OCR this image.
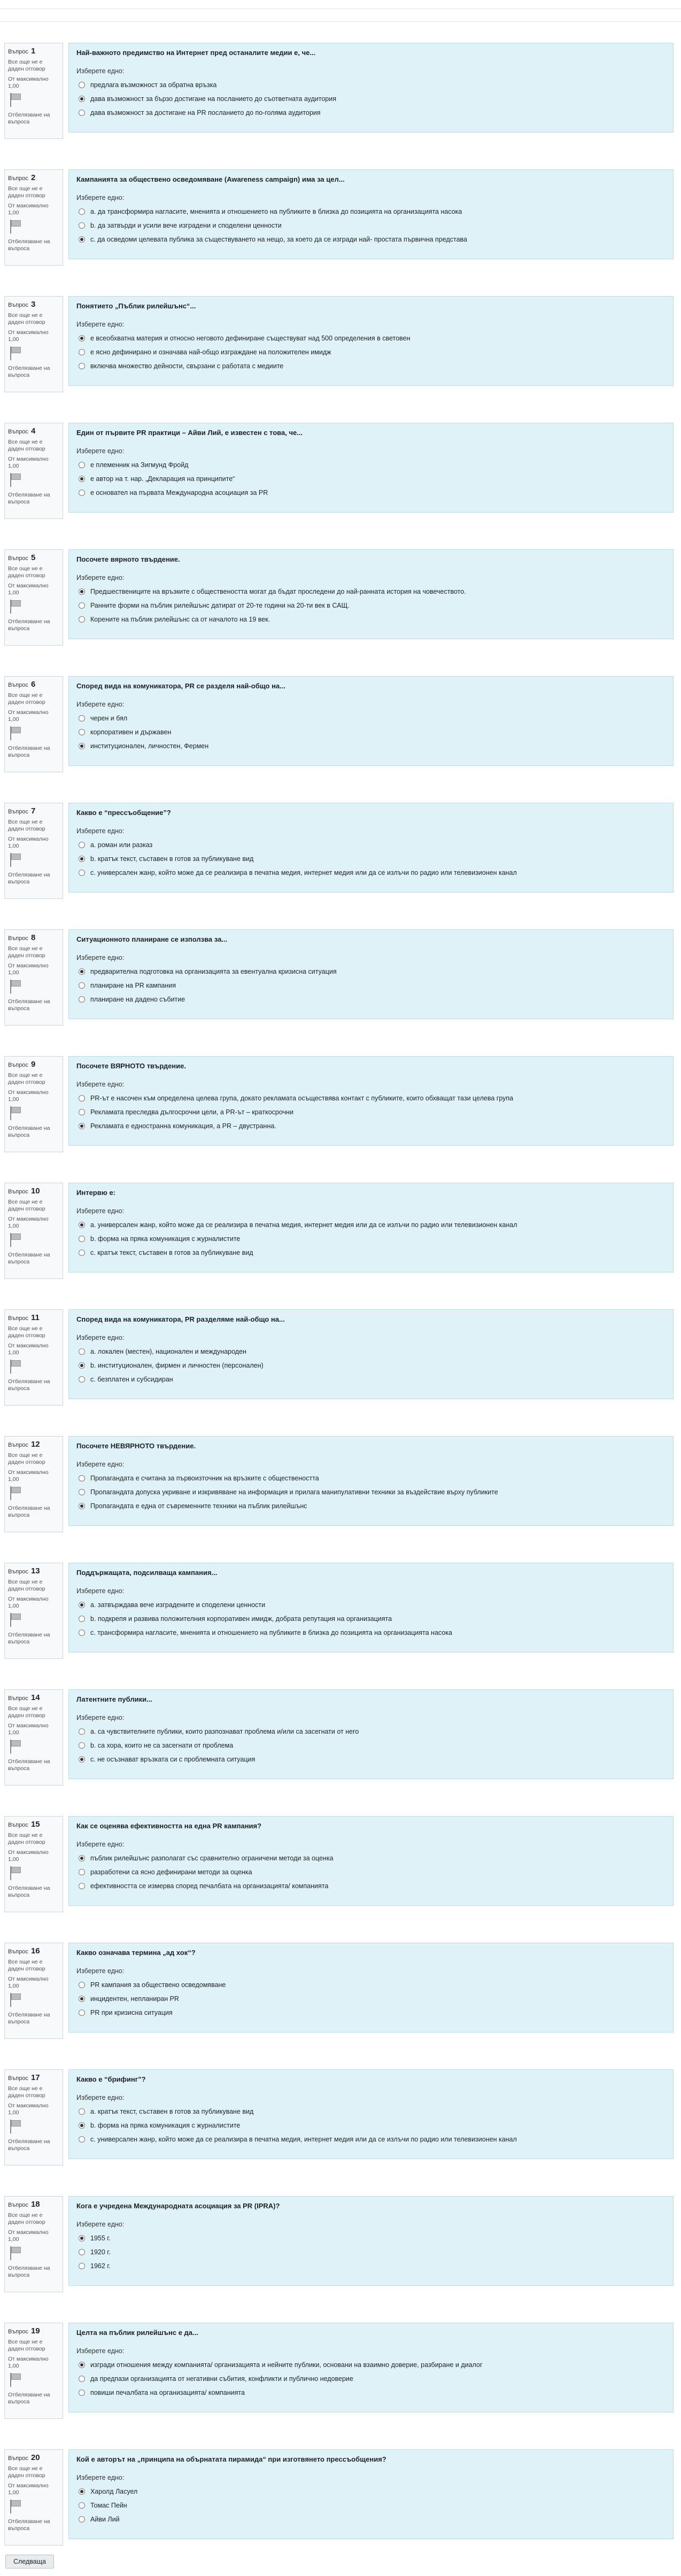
Въпрос 1
Все още не е даден отговор
От максимално 1,00
Отбелязване на въпроса
Най-важното предимство на Интернет пред останалите медии е, че...
Изберете едно:
предлага възможност за обратна връзка
дава възможност за бързо достигане на посланието до съответната аудитория
дава възможност за достигане на PR посланието до по-голяма аудитория
Въпрос 2
Все още не е даден отговор
От максимално 1,00
Отбелязване на въпроса
Кампанията за обществено осведомяване (Awareness campaign) има за цел...
Изберете едно:
a. да трансформира нагласите, мненията и отношението на публиките в близка до позицията на организацията насока
b. да затвърди и усили вече изградени и споделени ценности
c. да осведоми целевата публика за съществуването на нещо, за което да се изгради най- простата първична представа
Въпрос 3
Все още не е даден отговор
От максимално 1,00
Отбелязване на въпроса
Понятието „Пъблик рилейшънс“...
Изберете едно:
е всеобхватна материя и относно неговото дефиниране съществуват над 500 определения в световен
е ясно дефинирано и означава най-общо изграждане на положителен имидж
включва множество дейности, свързани с работата с медиите
Въпрос 4
Все още не е даден отговор
От максимално 1,00
Отбелязване на въпроса
Един от първите PR практици – Айви Лий, е известен с това, че...
Изберете едно:
е племенник на Зигмунд Фройд
е автор на т. нар. „Декларация на принципите“
е основател на първата Международна асоциация за PR
Въпрос 5
Все още не е даден отговор
От максимално 1,00
Отбелязване на въпроса
Посочете вярното твърдение.
Изберете едно:
Предшествениците на връзките с обществеността могат да бъдат проследени до най-ранната история на човечеството.
Ранните форми на пъблик рилейшънс датират от 20-те години на 20-ти век в САЩ.
Корените на пъблик рилейшънс са от началото на 19 век.
Въпрос 6
Все още не е даден отговор
От максимално 1,00
Отбелязване на въпроса
Според вида на комуникатора, PR се разделя най-общо на...
Изберете едно:
черен и бял
корпоративен и държавен
институционален, личностен, Фермен
Въпрос 7
Все още не е даден отговор
От максимално 1,00
Отбелязване на въпроса
Какво е “прессъобщение”?
Изберете едно:
a. роман или разказ
b. кратък текст, съставен в готов за публикуване вид
c. универсален жанр, който може да се реализира в печатна медия, интернет медия или да се излъчи по радио или телевизионен канал
Въпрос 8
Все още не е даден отговор
От максимално 1,00
Отбелязване на въпроса
Ситуационното планиране се използва за...
Изберете едно:
предварителна подготовка на организацията за евентуална кризисна ситуация
планиране на PR кампания
планиране на дадено събитие
Въпрос 9
Все още не е даден отговор
От максимално 1,00
Отбелязване на въпроса
Посочете ВЯРНОТО твърдение.
Изберете едно:
PR-ът е насочен към определена целева група, докато рекламата осъществява контакт с публиките, които обхващат тази целева група
Рекламата преследва дългосрочни цели, а PR-ът – краткосрочни
Рекламата е еднострaнна комуникация, а PR – двустранна.
Въпрос 10
Все още не е даден отговор
От максимално 1,00
Отбелязване на въпроса
Интервю е:
Изберете едно:
a. универсален жанр, който може да се реализира в печатна медия, интернет медия или да се излъчи по радио или телевизионен канал
b. форма на пряка комуникация с журналистите
c. кратък текст, съставен в готов за публикуване вид
Въпрос 11
Все още не е даден отговор
От максимално 1,00
Отбелязване на въпроса
Според вида на комуникатора, PR разделяме най-общо на...
Изберете едно:
a. локален (местен), национален и международен
b. институционален, фирмен и личностен (персонален)
c. безплатен и субсидиран
Въпрос 12
Все още не е даден отговор
От максимално 1,00
Отбелязване на въпроса
Посочете НЕВЯРНОТО твърдение.
Изберете едно:
Пропагандата е считана за първоизточник на връзките с обществеността
Пропагандата допуска укриване и изкривяване на информация и прилага манипулативни техники за въздействие върху публиките
Пропагандата е една от съвременните техники на пъблик рилейшънс
Въпрос 13
Все още не е даден отговор
От максимално 1,00
Отбелязване на въпроса
Поддържащата, подсилваща кампания...
Изберете едно:
a. затвърждава вече изградените и споделени ценности
b. подкрепя и развива положителния корпоративен имидж, добрата репутация на организацията
c. трансформира нагласите, мненията и отношението на публиките в близка до позицията на организацията насока
Въпрос 14
Все още не е даден отговор
От максимално 1,00
Отбелязване на въпроса
Латентните публики...
Изберете едно:
a. са чувствителните публики, които разпознават проблема и/или са засегнати от него
b. са хора, които не са засегнати от проблема
c. не осъзнават връзката си с проблемната ситуация
Въпрос 15
Все още не е даден отговор
От максимално 1,00
Отбелязване на въпроса
Как се оценява ефективността на една PR кампания?
Изберете едно:
пъблик рилейшънс разполагат със сравнително ограничени методи за оценка
разработени са ясно дефинирани методи за оценка
ефективността се измерва според печалбата на организацията/ компанията
Въпрос 16
Все още не е даден отговор
От максимално 1,00
Отбелязване на въпроса
Какво означава термина „ад хок“?
Изберете едно:
PR кампания за обществено осведомяване
инцидентен, непланиран PR
PR при кризисна ситуация
Въпрос 17
Все още не е даден отговор
От максимално 1,00
Отбелязване на въпроса
Какво е “брифинг”?
Изберете едно:
a. кратък текст, съставен в готов за публикуване вид
b. форма на пряка комуникация с журналистите
c. универсален жанр, който може да се реализира в печатна медия, интернет медия или да се излъчи по радио или телевизионен канал
Въпрос 18
Все още не е даден отговор
От максимално 1,00
Отбелязване на въпроса
Кога е учредена Международната асоциация за PR (IPRA)?
Изберете едно:
1955 г.
1920 г.
1962 г.
Въпрос 19
Все още не е даден отговор
От максимално 1,00
Отбелязване на въпроса
Целта на пъблик рилейшънс е да...
Изберете едно:
изгради отношения между компанията/ организацията и нейните публики, основани на взаимно доверие, разбиране и диалог
да предпази организацията от негативни събития, конфликти и публично недоверие
повиши печалбата на организацията/ компанията
Въпрос 20
Все още не е даден отговор
От максимално 1,00
Отбелязване на въпроса
Кой е авторът на „принципа на обърнатата пирамида“ при изготвянето прессъобщения?
Изберете едно:
Харолд Ласуел
Томас Пейн
Айви Лий
Следваща
